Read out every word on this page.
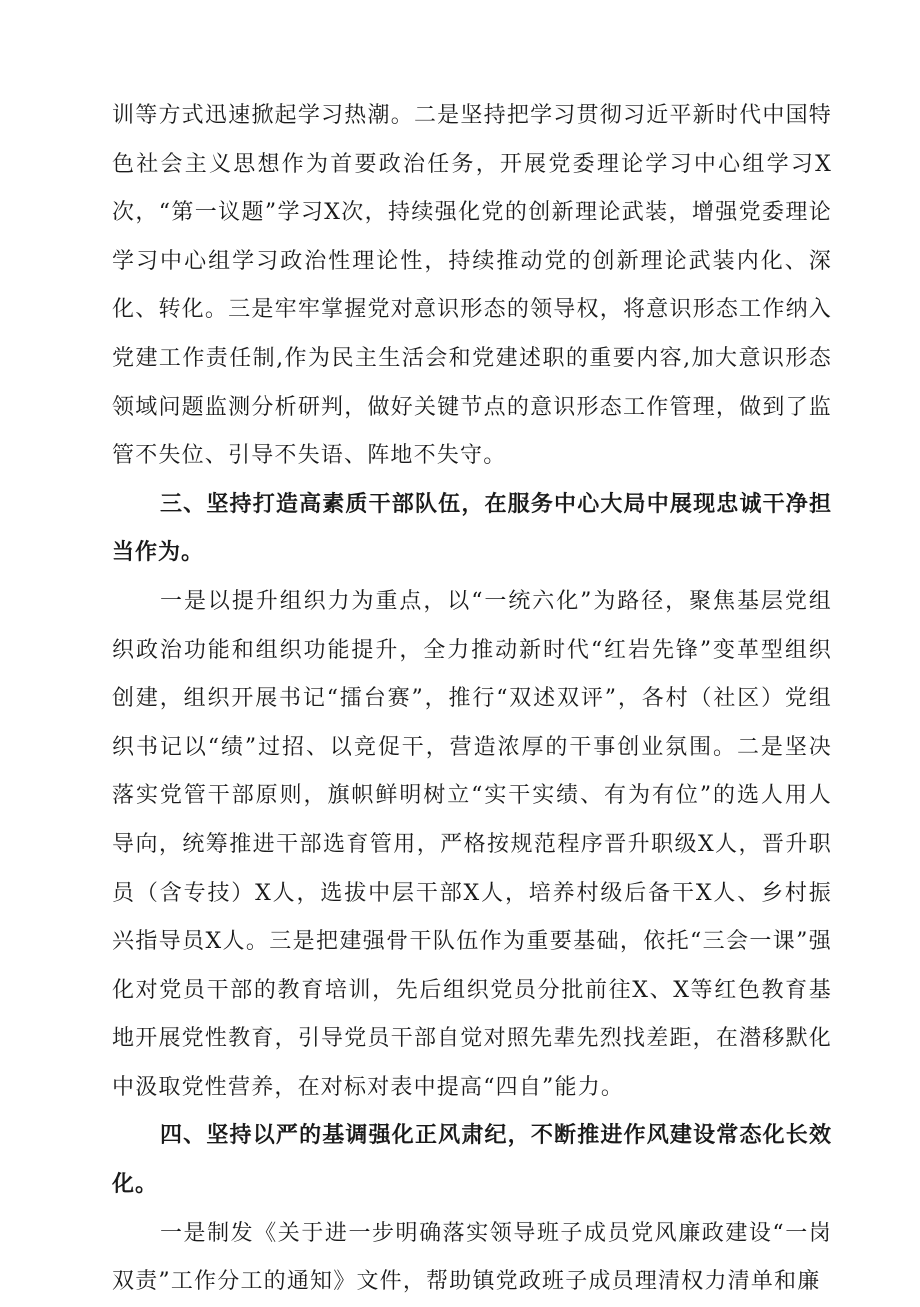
训等方式迅速掀起学习热潮。二是坚持把学习贯彻习近平新时代中国特色社会主义思想作为首要政治任务，开展党委理论学习中心组学习X次，“第一议题”学习X次，持续强化党的创新理论武装，增强党委理论学习中心组学习政治性理论性，持续推动党的创新理论武装内化、深化、转化。三是牢牢掌握党对意识形态的领导权，将意识形态工作纳入党建工作责任制,作为民主生活会和党建述职的重要内容,加大意识形态领域问题监测分析研判，做好关键节点的意识形态工作管理，做到了监管不失位、引导不失语、阵地不失守。

三、坚持打造高素质干部队伍，在服务中心大局中展现忠诚干净担当作为。

一是以提升组织力为重点，以“一统六化”为路径，聚焦基层党组织政治功能和组织功能提升，全力推动新时代“红岩先锋”变革型组织创建，组织开展书记“擂台赛”，推行“双述双评”，各村（社区）党组织书记以“绩”过招、以竞促干，营造浓厚的干事创业氛围。二是坚决落实党管干部原则，旗帜鲜明树立“实干实绩、有为有位”的选人用人导向，统筹推进干部选育管用，严格按规范程序晋升职级X人，晋升职员（含专技）X人，选拔中层干部X人，培养村级后备干X人、乡村振兴指导员X人。三是把建强骨干队伍作为重要基础，依托“三会一课”强化对党员干部的教育培训，先后组织党员分批前往X、X等红色教育基地开展党性教育，引导党员干部自觉对照先辈先烈找差距，在潜移默化中汲取党性营养，在对标对表中提高“四自”能力。

四、坚持以严的基调强化正风肃纪，不断推进作风建设常态化长效化。

一是制发《关于进一步明确落实领导班子成员党风廉政建设“一岗双责”工作分工的通知》文件，帮助镇党政班子成员理清权力清单和廉
